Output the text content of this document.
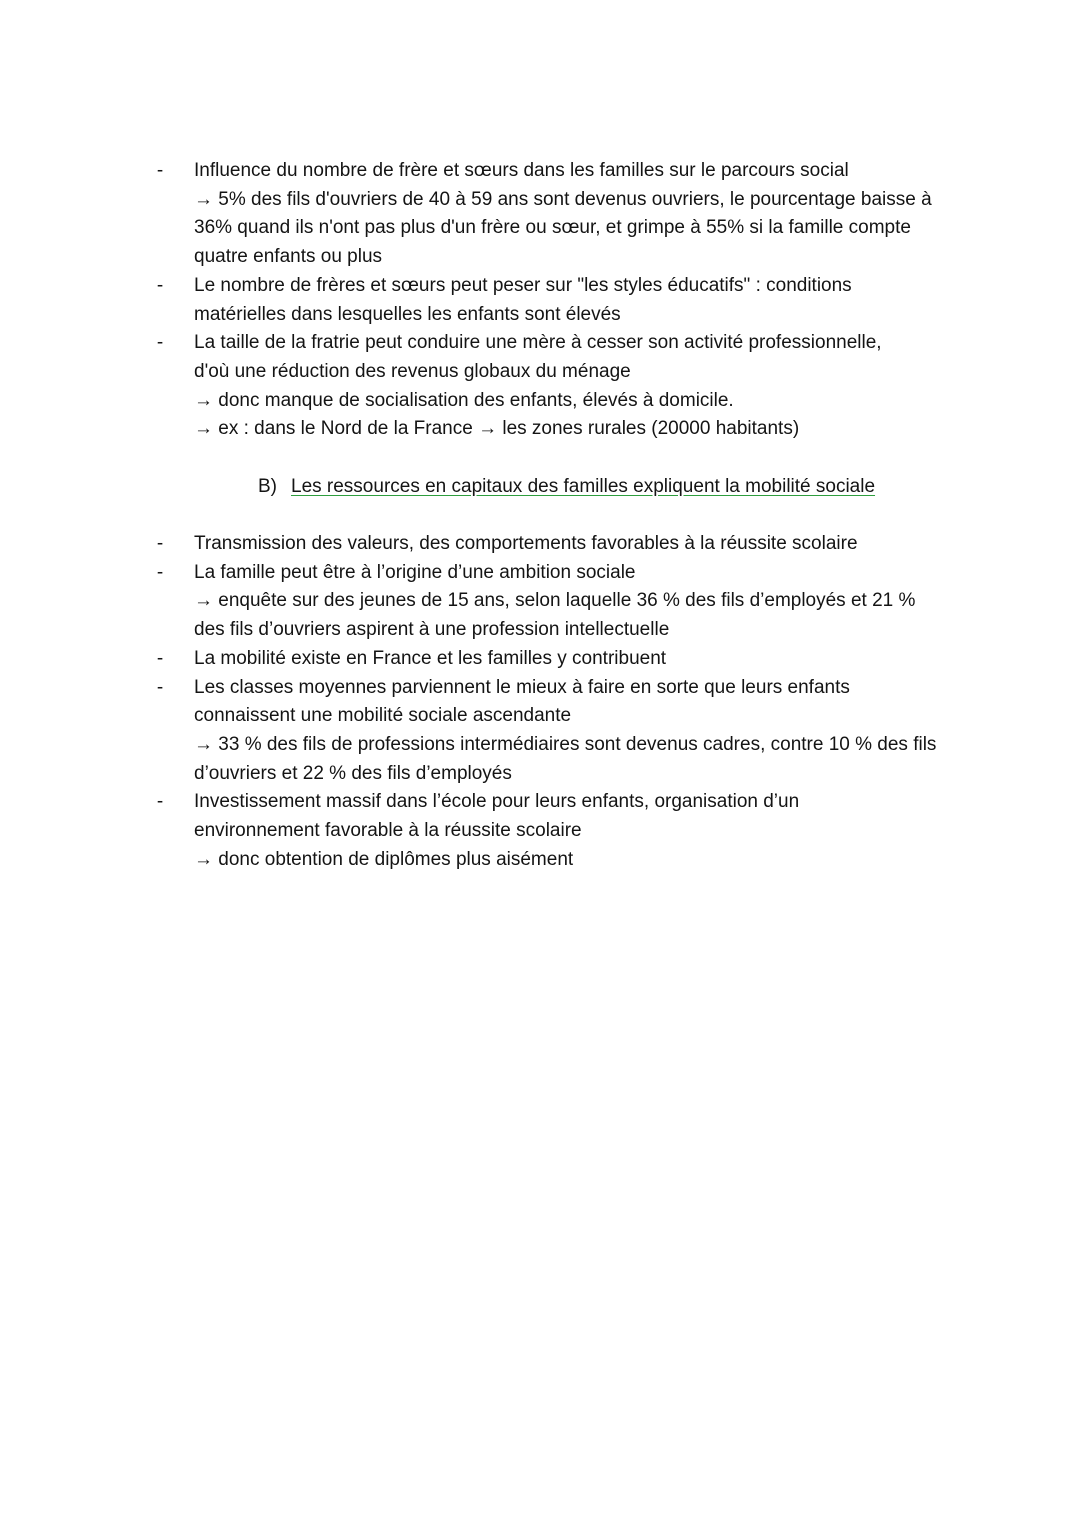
- Influence du nombre de frère et sœurs dans les familles sur le parcours social
→ 5% des fils d'ouvriers de 40 à 59 ans sont devenus ouvriers, le pourcentage baisse à
36% quand ils n'ont pas plus d'un frère ou sœur, et grimpe à 55% si la famille compte
quatre enfants ou plus
- Le nombre de frères et sœurs peut peser sur "les styles éducatifs" : conditions
matérielles dans lesquelles les enfants sont élevés
- La taille de la fratrie peut conduire une mère à cesser son activité professionnelle,
d'où une réduction des revenus globaux du ménage
→ donc manque de socialisation des enfants, élevés à domicile.
→ ex : dans le Nord de la France → les zones rurales (20000 habitants)
B) Les ressources en capitaux des familles expliquent la mobilité sociale
- Transmission des valeurs, des comportements favorables à la réussite scolaire
- La famille peut être à l’origine d’une ambition sociale
→ enquête sur des jeunes de 15 ans, selon laquelle 36 % des fils d’employés et 21 %
des fils d’ouvriers aspirent à une profession intellectuelle
- La mobilité existe en France et les familles y contribuent
- Les classes moyennes parviennent le mieux à faire en sorte que leurs enfants
connaissent une mobilité sociale ascendante
→ 33 % des fils de professions intermédiaires sont devenus cadres, contre 10 % des fils
d’ouvriers et 22 % des fils d’employés
- Investissement massif dans l’école pour leurs enfants, organisation d’un
environnement favorable à la réussite scolaire
→ donc obtention de diplômes plus aisément
